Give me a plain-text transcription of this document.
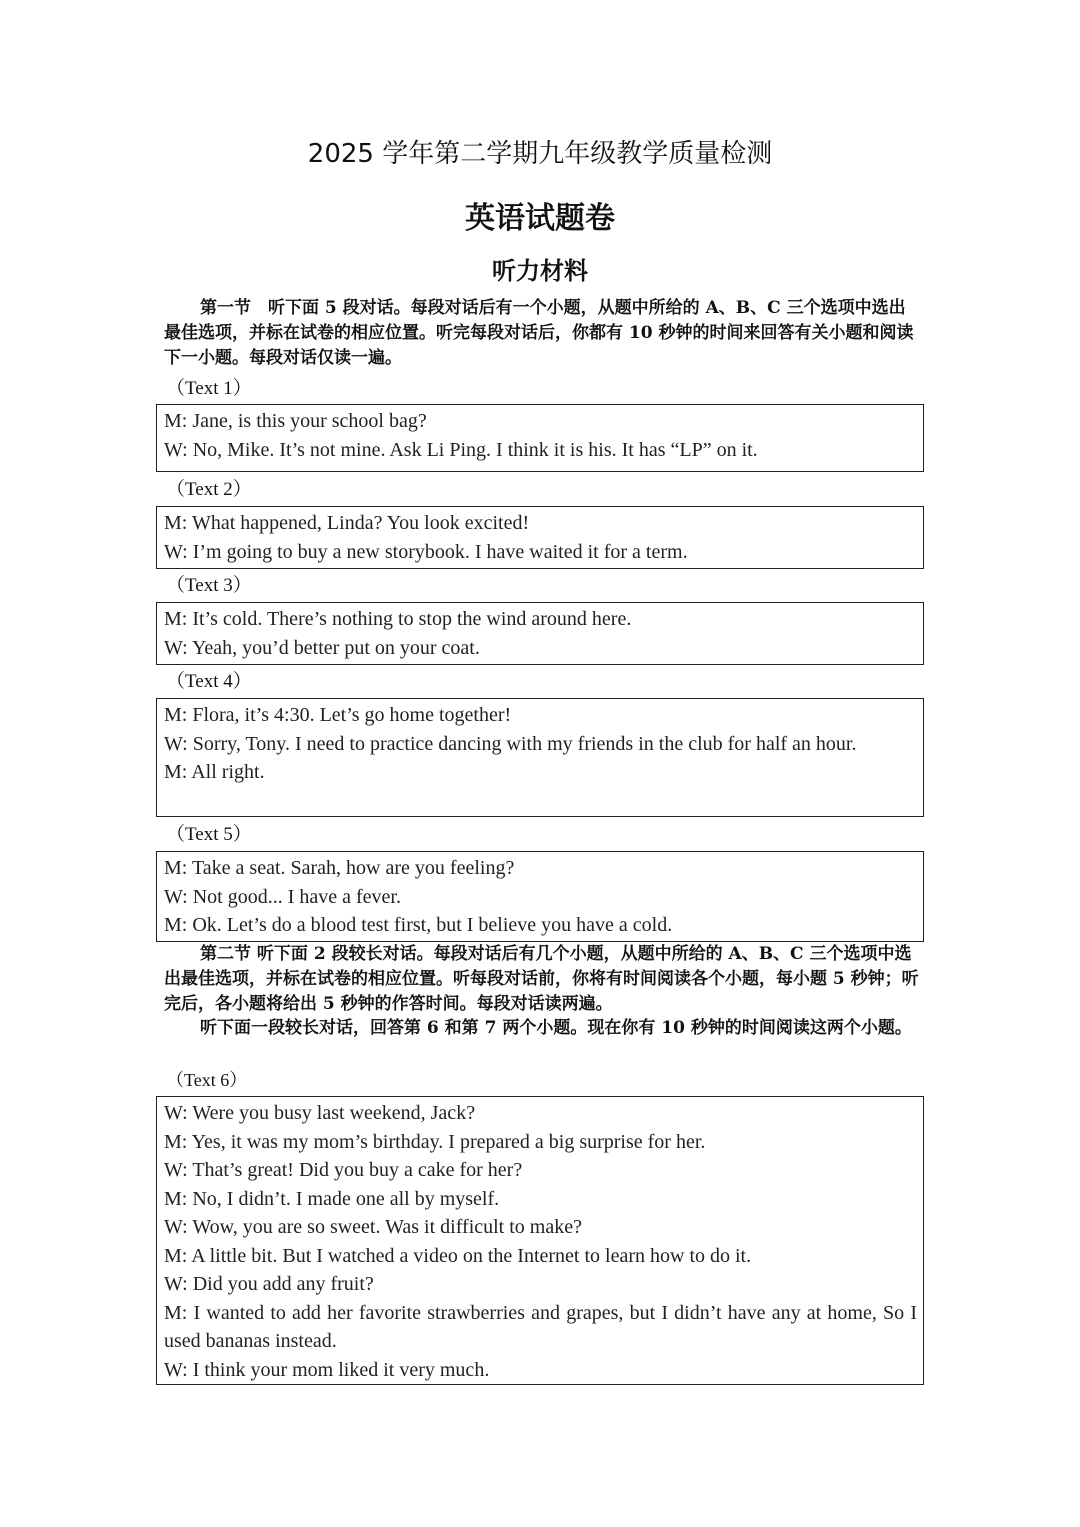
2025 学年第二学期九年级教学质量检测
英语试题卷
听力材料
第一节　听下面 5 段对话。每段对话后有一个小题，从题中所给的 A、B、C 三个选项中选出最佳选项，并标在试卷的相应位置。听完每段对话后，你都有 10 秒钟的时间来回答有关小题和阅读下一小题。每段对话仅读一遍。
（Text 1）
M: Jane, is this your school bag?
W: No, Mike. It’s not mine. Ask Li Ping. I think it is his. It has “LP” on it.
（Text 2）
M: What happened, Linda? You look excited!
W: I’m going to buy a new storybook. I have waited it for a term.
（Text 3）
M: It’s cold. There’s nothing to stop the wind around here.
W: Yeah, you’d better put on your coat.
（Text 4）
M: Flora, it’s 4:30. Let’s go home together!
W: Sorry, Tony. I need to practice dancing with my friends in the club for half an hour.
M: All right.
（Text 5）
M: Take a seat. Sarah, how are you feeling?
W: Not good... I have a fever.
M: Ok. Let’s do a blood test first, but I believe you have a cold.
第二节 听下面 2 段较长对话。每段对话后有几个小题，从题中所给的 A、B、C 三个选项中选出最佳选项，并标在试卷的相应位置。听每段对话前，你将有时间阅读各个小题，每小题 5 秒钟；听完后，各小题将给出 5 秒钟的作答时间。每段对话读两遍。
听下面一段较长对话，回答第 6 和第 7 两个小题。现在你有 10 秒钟的时间阅读这两个小题。
（Text 6）
W: Were you busy last weekend, Jack?
M: Yes, it was my mom’s birthday. I prepared a big surprise for her.
W: That’s great! Did you buy a cake for her?
M: No, I didn’t. I made one all by myself.
W: Wow, you are so sweet. Was it difficult to make?
M: A little bit. But I watched a video on the Internet to learn how to do it.
W: Did you add any fruit?
M: I wanted to add her favorite strawberries and grapes, but I didn’t have any at home, So I used bananas instead.
W: I think your mom liked it very much.
